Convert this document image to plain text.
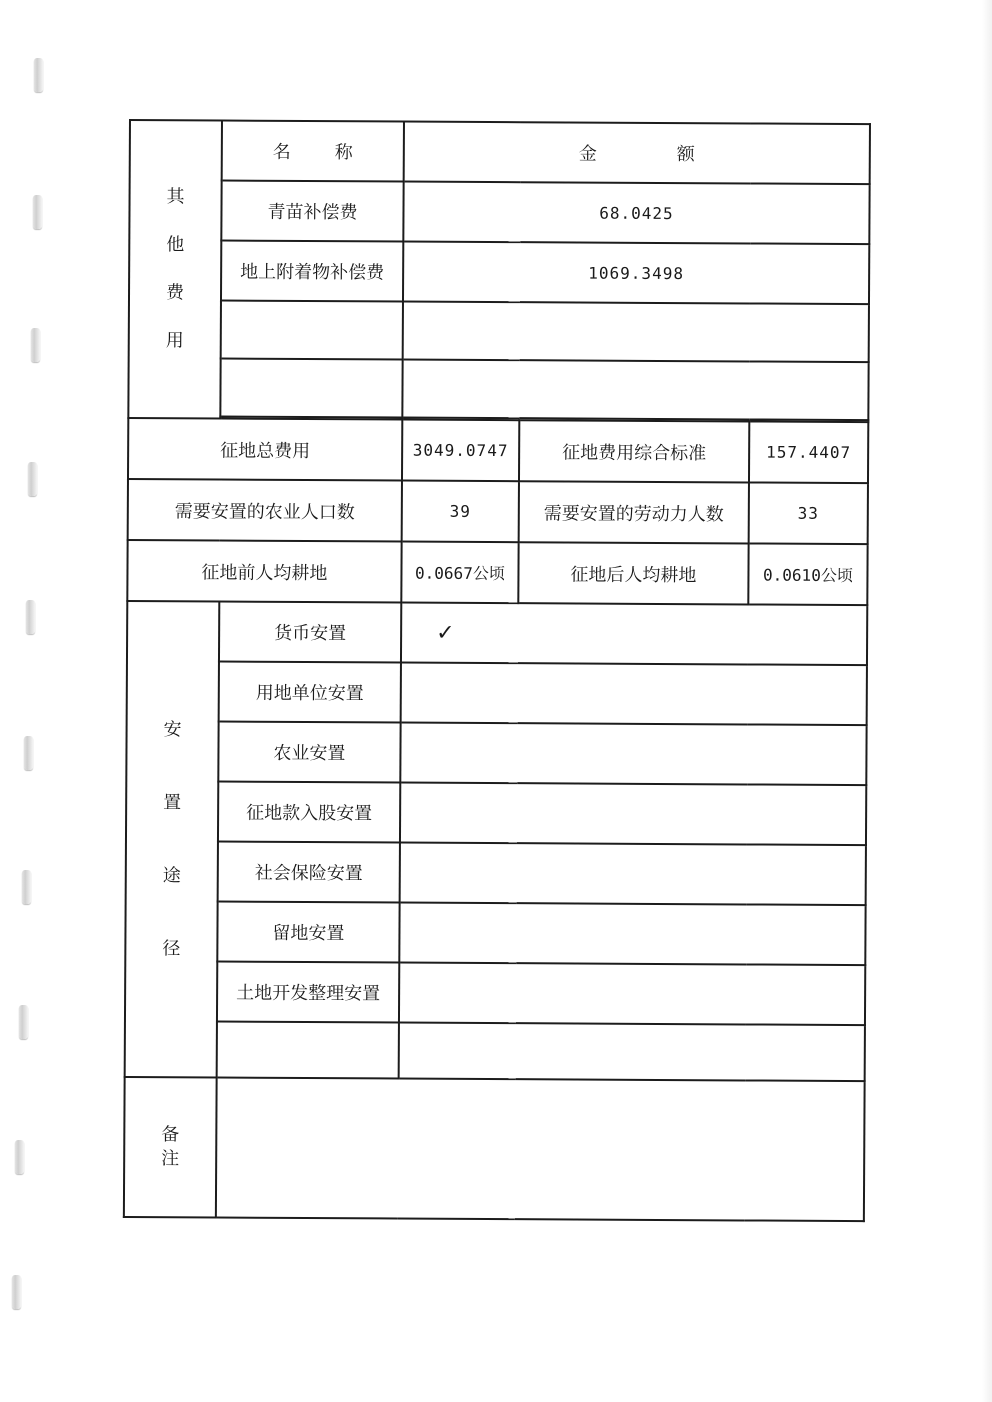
其
他
费
用	名 称	金 额		
	青苗补偿费	68.0425		
	地上附着物补偿费	1069.3498		

征地总费用		3049.0747	征地费用综合标准	157.4407
需要安置的农业人口数		39	需要安置的劳动力人数	33
征地前人均耕地		0.0667公顷	征地后人均耕地	0.0610公顷

安
置
途
径	货币安置	✓		
	用地单位安置			
	农业安置			
	征地款入股安置			
	社会保险安置			
	留地安置			
	土地开发整理安置			

备
注				
